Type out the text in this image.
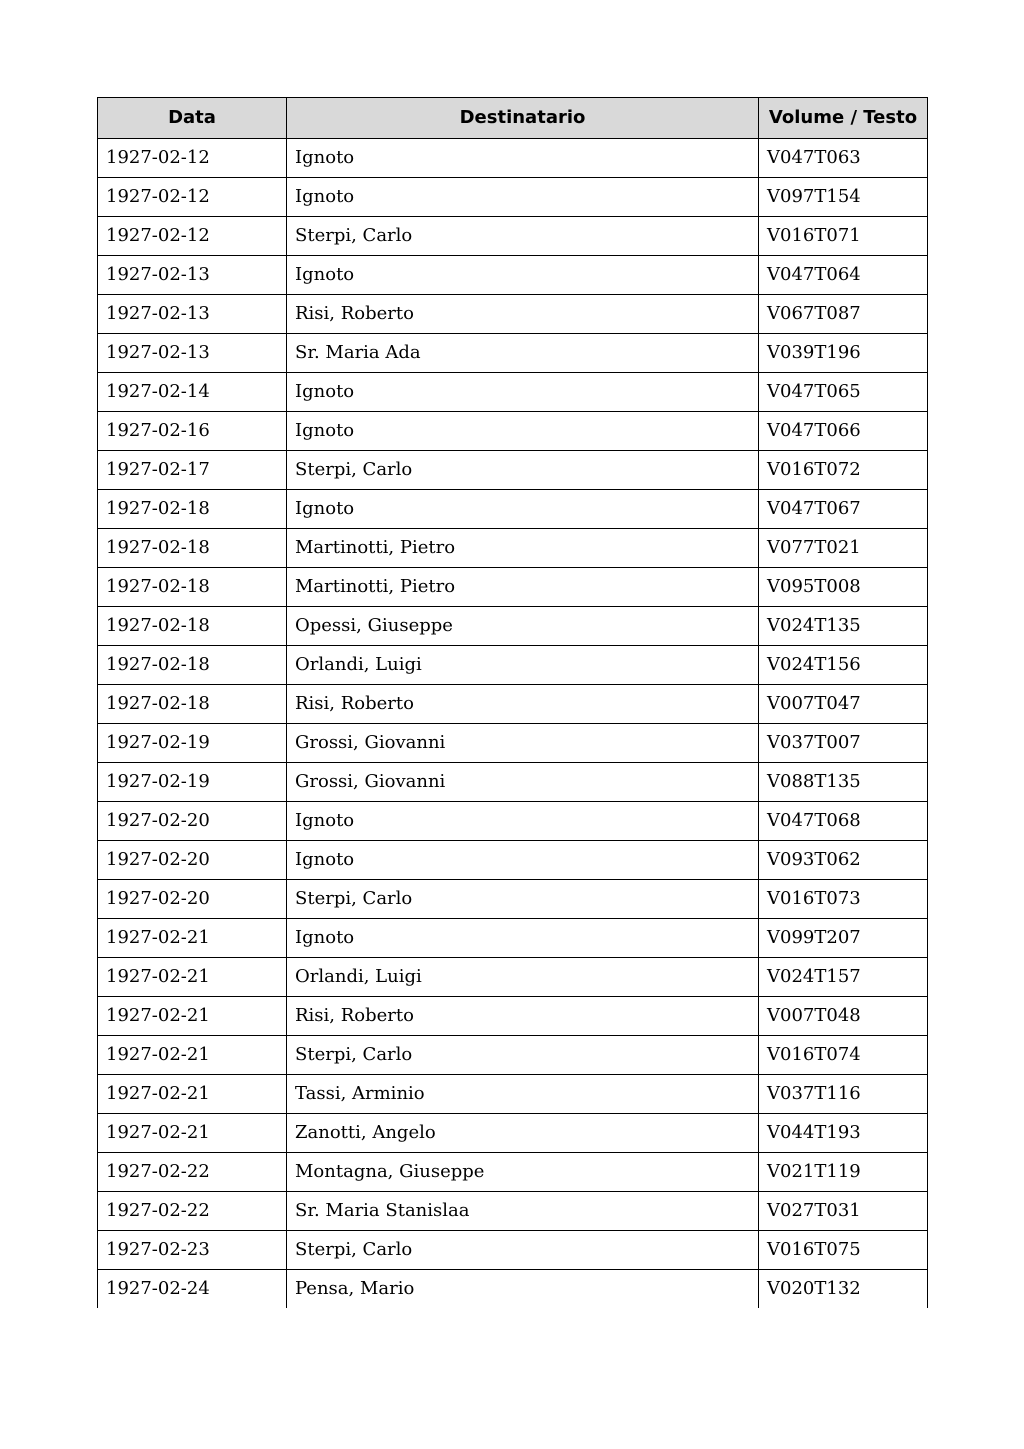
Data	Destinatario	Volume / Testo
1927-02-12	Ignoto	V047T063
1927-02-12	Ignoto	V097T154
1927-02-12	Sterpi, Carlo	V016T071
1927-02-13	Ignoto	V047T064
1927-02-13	Risi, Roberto	V067T087
1927-02-13	Sr. Maria Ada	V039T196
1927-02-14	Ignoto	V047T065
1927-02-16	Ignoto	V047T066
1927-02-17	Sterpi, Carlo	V016T072
1927-02-18	Ignoto	V047T067
1927-02-18	Martinotti, Pietro	V077T021
1927-02-18	Martinotti, Pietro	V095T008
1927-02-18	Opessi, Giuseppe	V024T135
1927-02-18	Orlandi, Luigi	V024T156
1927-02-18	Risi, Roberto	V007T047
1927-02-19	Grossi, Giovanni	V037T007
1927-02-19	Grossi, Giovanni	V088T135
1927-02-20	Ignoto	V047T068
1927-02-20	Ignoto	V093T062
1927-02-20	Sterpi, Carlo	V016T073
1927-02-21	Ignoto	V099T207
1927-02-21	Orlandi, Luigi	V024T157
1927-02-21	Risi, Roberto	V007T048
1927-02-21	Sterpi, Carlo	V016T074
1927-02-21	Tassi, Arminio	V037T116
1927-02-21	Zanotti, Angelo	V044T193
1927-02-22	Montagna, Giuseppe	V021T119
1927-02-22	Sr. Maria Stanislaa	V027T031
1927-02-23	Sterpi, Carlo	V016T075
1927-02-24	Pensa, Mario	V020T132
